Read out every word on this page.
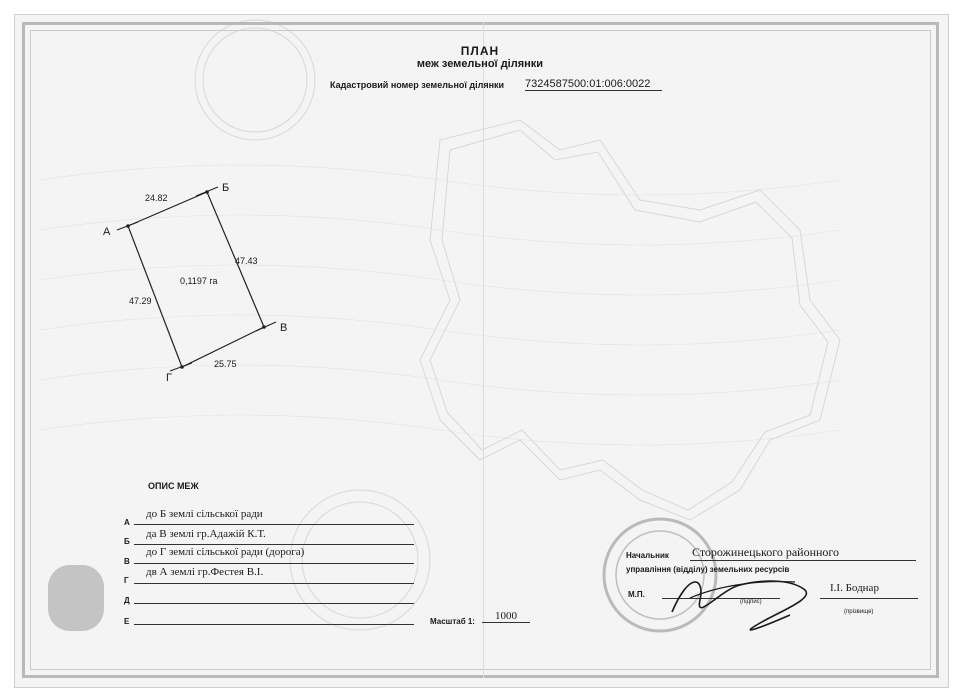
ПЛАН
меж земельної ділянки
Кадастровий номер земельної ділянки 7324587500:01:006:0022
А
Б
В
Г
24.82
47.43
25.75
47.29
0,1197 га
ОПИС МЕЖ
А
до Б землі сільської ради
Б
да В землі гр.Адажій К.Т.
В
до Г землі сільської ради (дорога)
Г
дв А землі гр.Фестея В.І.
Д
Е	Масштаб 1:	1000
Начальник Сторожинецького районного
управління (відділу) земельних ресурсів
М.П.
(підпис)
І.І. Боднар
(прізвище)
